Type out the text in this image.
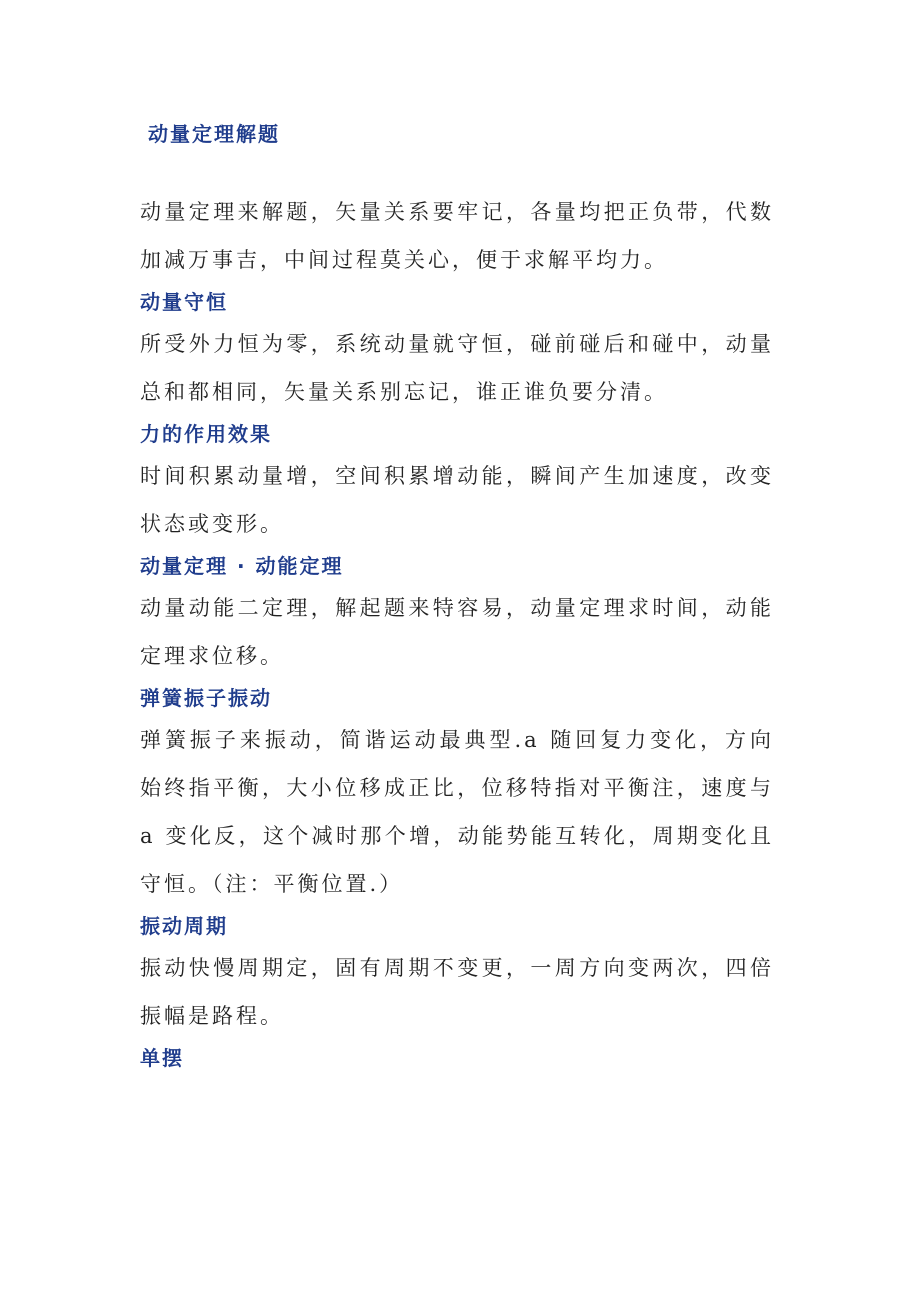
动量定理解题

动量定理来解题，矢量关系要牢记，各量均把正负带，代数加减万事吉，中间过程莫关心，便于求解平均力。

动量守恒

所受外力恒为零，系统动量就守恒，碰前碰后和碰中，动量总和都相同，矢量关系别忘记，谁正谁负要分清。

力的作用效果

时间积累动量增，空间积累增动能，瞬间产生加速度，改变状态或变形。

动量定理 · 动能定理

动量动能二定理，解起题来特容易，动量定理求时间，动能定理求位移。

弹簧振子振动

弹簧振子来振动，简谐运动最典型.a 随回复力变化，方向始终指平衡，大小位移成正比，位移特指对平衡注，速度与 a 变化反，这个减时那个增，动能势能互转化，周期变化且守恒。（注：平衡位置.）

振动周期

振动快慢周期定，固有周期不变更，一周方向变两次，四倍振幅是路程。

单摆
